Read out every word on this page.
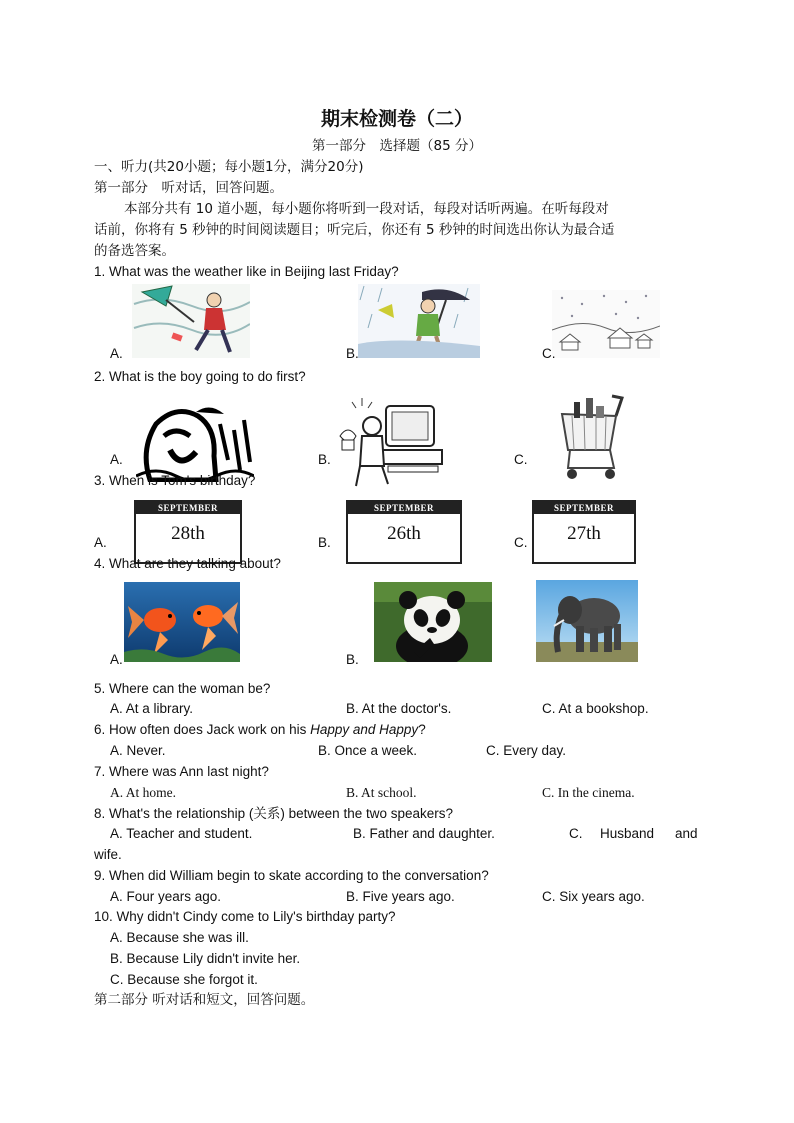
期末检测卷（二）
第一部分　选择题（85 分）
一、听力(共20小题；每小题1分，满分20分)
第一部分　听对话，回答问题。
本部分共有 10 道小题，每小题你将听到一段对话，每段对话听两遍。在听每段对
话前，你将有 5 秒钟的时间阅读题目；听完后，你还有 5 秒钟的时间选出你认为最合适
的备选答案。
1. What was the weather like in Beijing last Friday?
A.	B.	C.
2. What is the boy going to do first?
A.	B.	C.
3. When is Tom's birthday?
SEPTEMBER
28th
A.
SEPTEMBER
26th
B.
SEPTEMBER
27th
C.
4. What are they talking about?
A.	B.
5. Where can the woman be?
A. At a library.	B. At the doctor's.	C. At a bookshop.
6. How often does Jack work on his Happy and Happy?
A. Never.	B. Once a week.	C. Every day.
7. Where was Ann last night?
A. At home.	B. At school.	C. In the cinema.
8. What's the relationship (关系) between the two speakers?
A. Teacher and student.	B. Father and daughter.	C. Husband and
wife.
9. When did William begin to skate according to the conversation?
A. Four years ago.	B. Five years ago.	C. Six years ago.
10. Why didn't Cindy come to Lily's birthday party?
A. Because she was ill.
B. Because Lily didn't invite her.
C. Because she forgot it.
第二部分 听对话和短文，回答问题。
